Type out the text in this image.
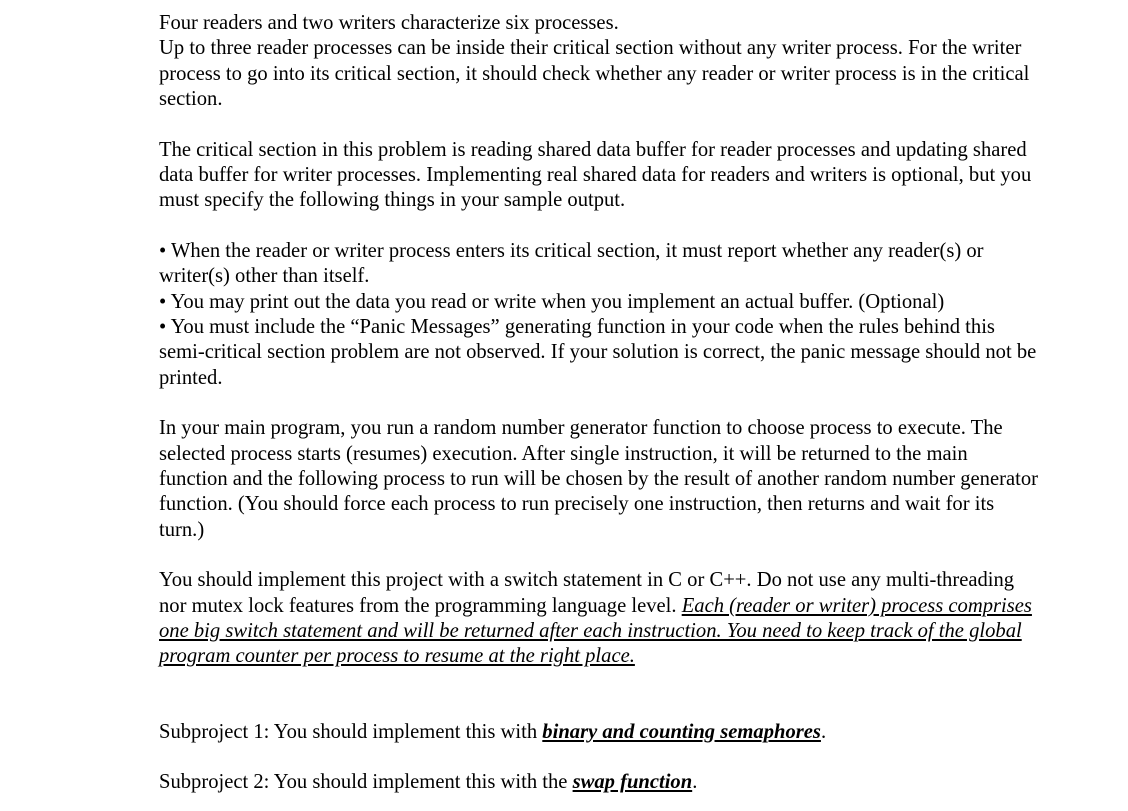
Four readers and two writers characterize six processes.

Up to three reader processes can be inside their critical section without any writer process. For the writer process to go into its critical section, it should check whether any reader or writer process is in the critical section.

The critical section in this problem is reading shared data buffer for reader processes and updating shared data buffer for writer processes. Implementing real shared data for readers and writers is optional, but you must specify the following things in your sample output.

• When the reader or writer process enters its critical section, it must report whether any reader(s) or writer(s) other than itself.

• You may print out the data you read or write when you implement an actual buffer. (Optional)

• You must include the “Panic Messages” generating function in your code when the rules behind this semi-critical section problem are not observed. If your solution is correct, the panic message should not be printed.

In your main program, you run a random number generator function to choose process to execute. The selected process starts (resumes) execution. After single instruction, it will be returned to the main function and the following process to run will be chosen by the result of another random number generator function. (You should force each process to run precisely one instruction, then returns and wait for its turn.)

You should implement this project with a switch statement in C or C++. Do not use any multi-threading nor mutex lock features from the programming language level. Each (reader or writer) process comprises one big switch statement and will be returned after each instruction. You need to keep track of the global program counter per process to resume at the right place.

Subproject 1: You should implement this with binary and counting semaphores.

Subproject 2: You should implement this with the swap function.
